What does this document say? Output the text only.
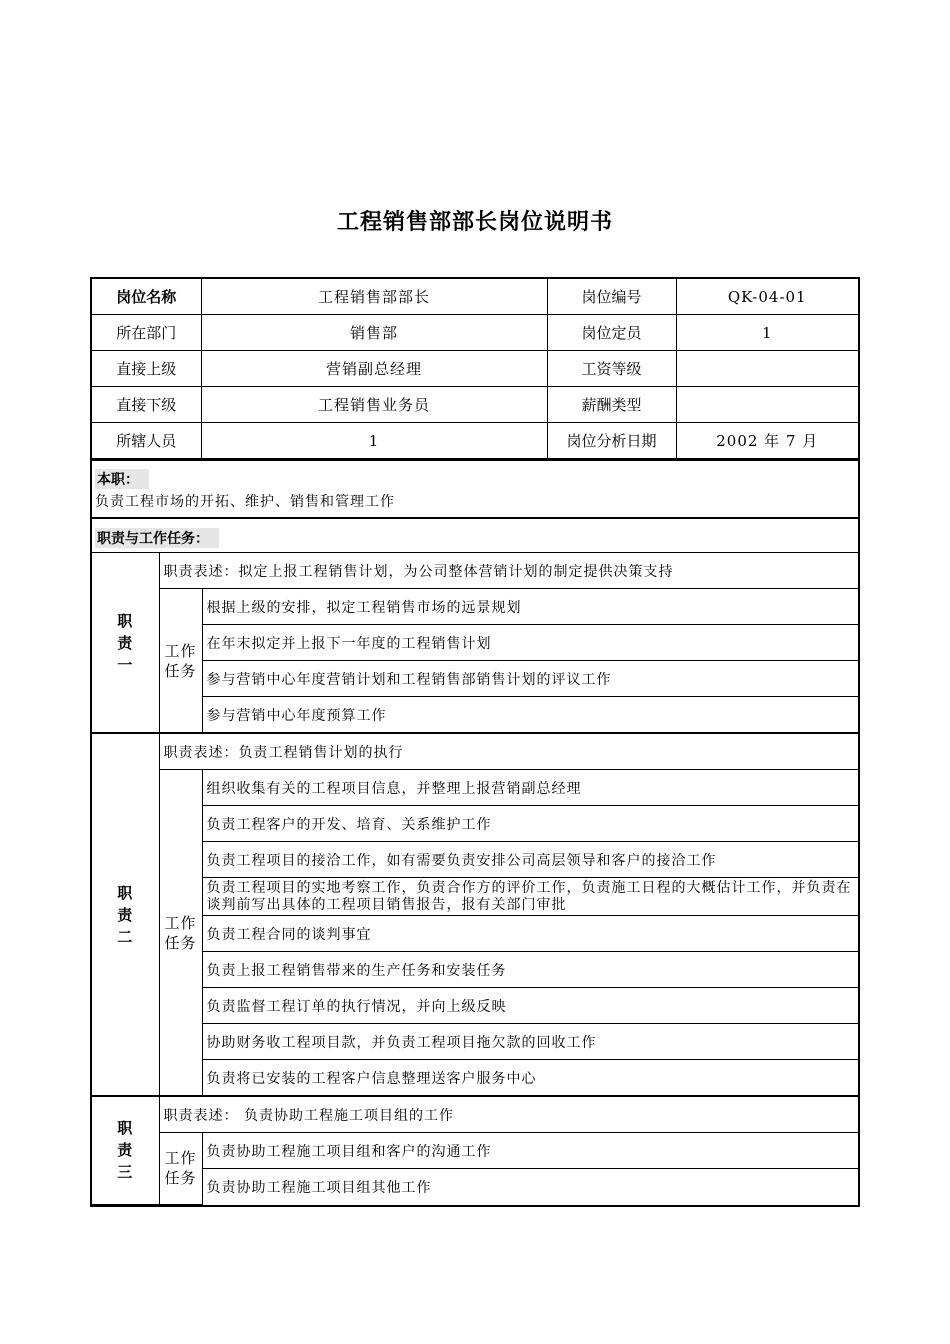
工程销售部部长岗位说明书
岗位名称	工程销售部部长	岗位编号	QK-04-01
所在部门	销售部	岗位定员	1
直接上级	营销副总经理	工资等级	
直接下级	工程销售业务员	薪酬类型	
所辖人员	1	岗位分析日期	2002 年 7 月
本职：
负责工程市场的开拓、维护、销售和管理工作
职责与工作任务：
职责一	职责表述：拟定上报工程销售计划，为公司整体营销计划的制定提供决策支持	

	工作任务	根据上级的安排，拟定工程销售市场的远景规划
		在年末拟定并上报下一年度的工程销售计划
		参与营销中心年度营销计划和工程销售部销售计划的评议工作
		参与营销中心年度预算工作

职责二	职责表述：负责工程销售计划的执行	

	工作任务	组织收集有关的工程项目信息，并整理上报营销副总经理
		负责工程客户的开发、培育、关系维护工作
		负责工程项目的接洽工作，如有需要负责安排公司高层领导和客户的接洽工作
		负责工程项目的实地考察工作，负责合作方的评价工作，负责施工日程的大概估计工作，并负责在谈判前写出具体的工程项目销售报告，报有关部门审批
		负责工程合同的谈判事宜
		负责上报工程销售带来的生产任务和安装任务
		负责监督工程订单的执行情况，并向上级反映
		协助财务收工程项目款，并负责工程项目拖欠款的回收工作
		负责将已安装的工程客户信息整理送客户服务中心

职责三	职责表述： 负责协助工程施工项目组的工作	

	工作任务	负责协助工程施工项目组和客户的沟通工作
		负责协助工程施工项目组其他工作
